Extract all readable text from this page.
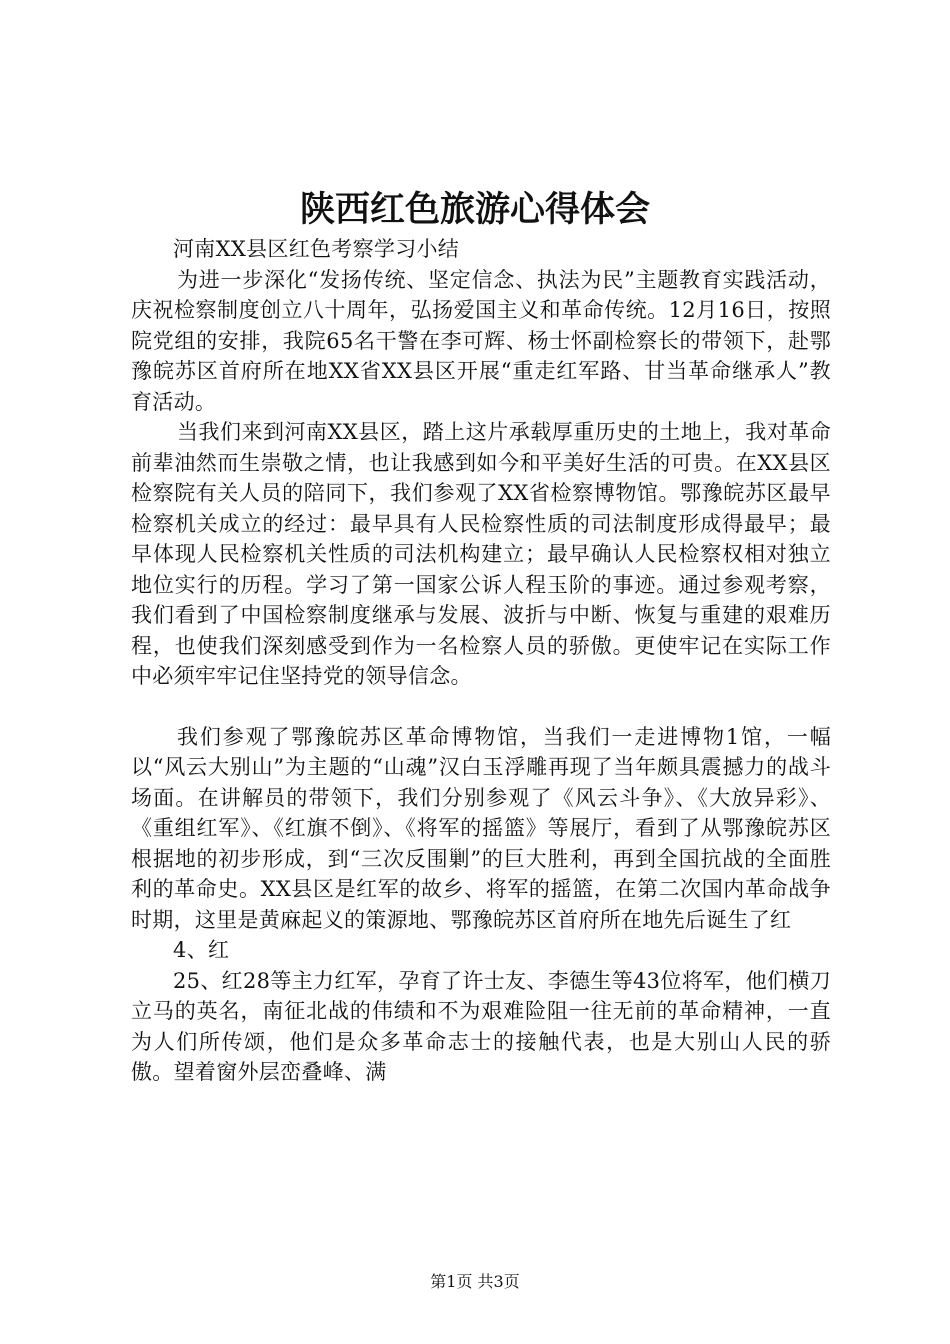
陕西红色旅游心得体会

河南XX县区红色考察学习小结

为进一步深化“发扬传统、坚定信念、执法为民”主题教育实践活动，庆祝检察制度创立八十周年，弘扬爱国主义和革命传统。12月16日，按照院党组的安排，我院65名干警在李可辉、杨士怀副检察长的带领下，赴鄂豫皖苏区首府所在地XX省XX县区开展“重走红军路、甘当革命继承人”教育活动。

当我们来到河南XX县区，踏上这片承载厚重历史的土地上，我对革命前辈油然而生崇敬之情，也让我感到如今和平美好生活的可贵。在XX县区检察院有关人员的陪同下，我们参观了XX省检察博物馆。鄂豫皖苏区最早检察机关成立的经过：最早具有人民检察性质的司法制度形成得最早；最早体现人民检察机关性质的司法机构建立；最早确认人民检察权相对独立地位实行的历程。学习了第一国家公诉人程玉阶的事迹。通过参观考察，我们看到了中国检察制度继承与发展、波折与中断、恢复与重建的艰难历程，也使我们深刻感受到作为一名检察人员的骄傲。更使牢记在实际工作中必须牢牢记住坚持党的领导信念。

我们参观了鄂豫皖苏区革命博物馆，当我们一走进博物1馆，一幅以“风云大别山”为主题的“山魂”汉白玉浮雕再现了当年颇具震撼力的战斗场面。在讲解员的带领下，我们分别参观了《风云斗争》、《大放异彩》、《重组红军》、《红旗不倒》、《将军的摇篮》等展厅，看到了从鄂豫皖苏区根据地的初步形成，到“三次反围剿”的巨大胜利，再到全国抗战的全面胜利的革命史。XX县区是红军的故乡、将军的摇篮，在第二次国内革命战争时期，这里是黄麻起义的策源地、鄂豫皖苏区首府所在地先后诞生了红

4、红

25、红28等主力红军，孕育了许士友、李德生等43位将军，他们横刀立马的英名，南征北战的伟绩和不为艰难险阻一往无前的革命精神，一直为人们所传颂，他们是众多革命志士的接触代表，也是大别山人民的骄傲。望着窗外层峦叠峰、满

第1页 共3页
